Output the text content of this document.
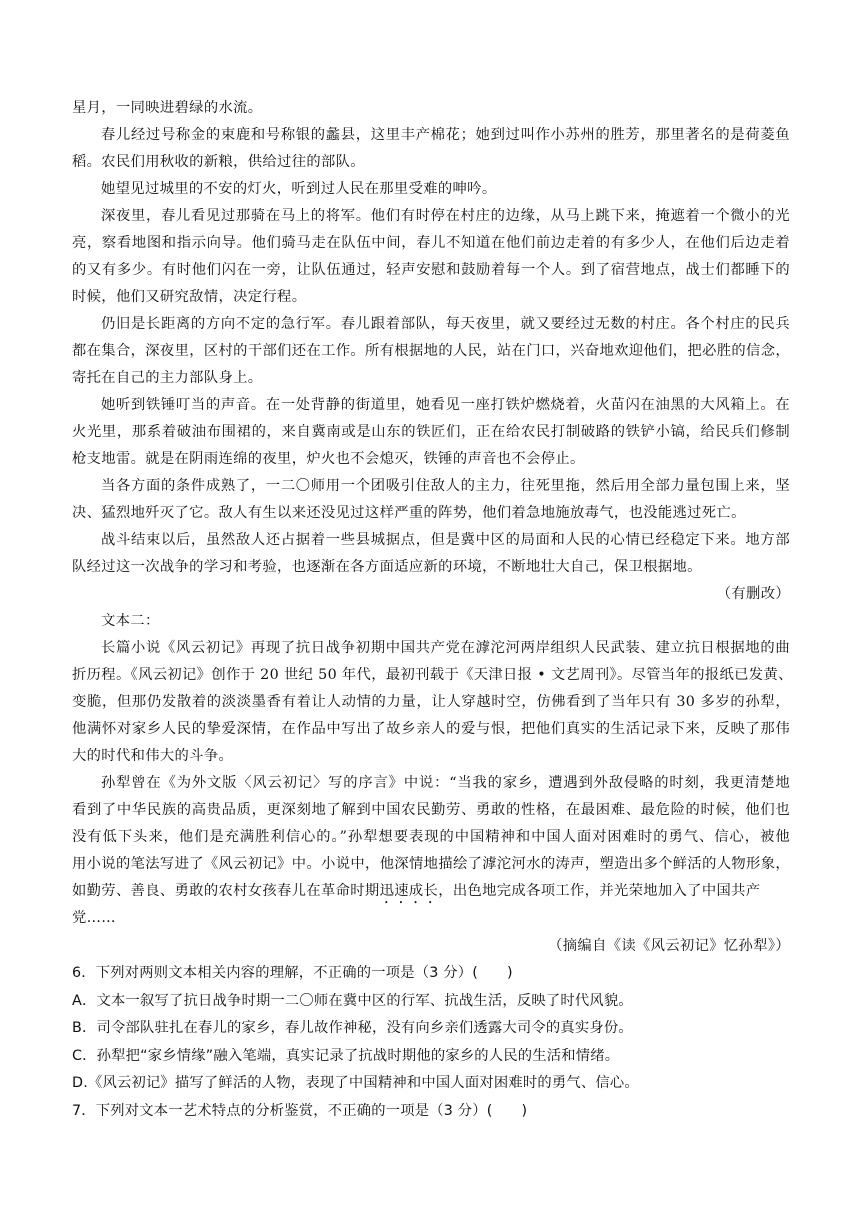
星月，一同映进碧绿的水流。
春儿经过号称金的束鹿和号称银的蠡县，这里丰产棉花；她到过叫作小苏州的胜芳，那里著名的是荷菱鱼
稻。农民们用秋收的新粮，供给过往的部队。
她望见过城里的不安的灯火，听到过人民在那里受难的呻吟。
深夜里，春儿看见过那骑在马上的将军。他们有时停在村庄的边缘，从马上跳下来，掩遮着一个微小的光
亮，察看地图和指示向导。他们骑马走在队伍中间，春儿不知道在他们前边走着的有多少人，在他们后边走着
的又有多少。有时他们闪在一旁，让队伍通过，轻声安慰和鼓励着每一个人。到了宿营地点，战士们都睡下的
时候，他们又研究敌情，决定行程。
仍旧是长距离的方向不定的急行军。春儿跟着部队，每天夜里，就又要经过无数的村庄。各个村庄的民兵
都在集合，深夜里，区村的干部们还在工作。所有根据地的人民，站在门口，兴奋地欢迎他们，把必胜的信念，
寄托在自己的主力部队身上。
她听到铁锤叮当的声音。在一处背静的街道里，她看见一座打铁炉燃烧着，火苗闪在油黑的大风箱上。在
火光里，那系着破油布围裙的，来自冀南或是山东的铁匠们，正在给农民打制破路的铁铲小镐，给民兵们修制
枪支地雷。就是在阴雨连绵的夜里，炉火也不会熄灭，铁锤的声音也不会停止。
当各方面的条件成熟了，一二〇师用一个团吸引住敌人的主力，往死里拖，然后用全部力量包围上来，坚
决、猛烈地歼灭了它。敌人有生以来还没见过这样严重的阵势，他们着急地施放毒气，也没能逃过死亡。
战斗结束以后，虽然敌人还占据着一些县城据点，但是冀中区的局面和人民的心情已经稳定下来。地方部
队经过这一次战争的学习和考验，也逐渐在各方面适应新的环境，不断地壮大自己，保卫根据地。
（有删改）
文本二：
长篇小说《风云初记》再现了抗日战争初期中国共产党在滹沱河两岸组织人民武装、建立抗日根据地的曲
折历程。《风云初记》创作于 20 世纪 50 年代，最初刊载于《天津日报 • 文艺周刊》。尽管当年的报纸已发黄、
变脆，但那仍发散着的淡淡墨香有着让人动情的力量，让人穿越时空，仿佛看到了当年只有 30 多岁的孙犁，
他满怀对家乡人民的挚爱深情，在作品中写出了故乡亲人的爱与恨，把他们真实的生活记录下来，反映了那伟
大的时代和伟大的斗争。
孙犁曾在《为外文版〈风云初记〉写的序言》中说：“当我的家乡，遭遇到外敌侵略的时刻，我更清楚地
看到了中华民族的高贵品质，更深刻地了解到中国农民勤劳、勇敢的性格，在最困难、最危险的时候，他们也
没有低下头来，他们是充满胜利信心的。”孙犁想要表现的中国精神和中国人面对困难时的勇气、信心，被他
用小说的笔法写进了《风云初记》中。小说中，他深情地描绘了滹沱河水的涛声，塑造出多个鲜活的人物形象，
如勤劳、善良、勇敢的农村女孩春儿在革命时期迅速成长，出色地完成各项工作，并光荣地加入了中国共产
党……
（摘编自《读《风云初记》忆孙犁》）
6．下列对两则文本相关内容的理解，不正确的一项是（3 分）(　　)
A．文本一叙写了抗日战争时期一二〇师在冀中区的行军、抗战生活，反映了时代风貌。
B．司令部队驻扎在春儿的家乡，春儿故作神秘，没有向乡亲们透露大司令的真实身份。
C．孙犁把“家乡情缘”融入笔端，真实记录了抗战时期他的家乡的人民的生活和情绪。
D.《风云初记》描写了鲜活的人物，表现了中国精神和中国人面对困难时的勇气、信心。
7．下列对文本一艺术特点的分析鉴赏，不正确的一项是（3 分）(　　)
